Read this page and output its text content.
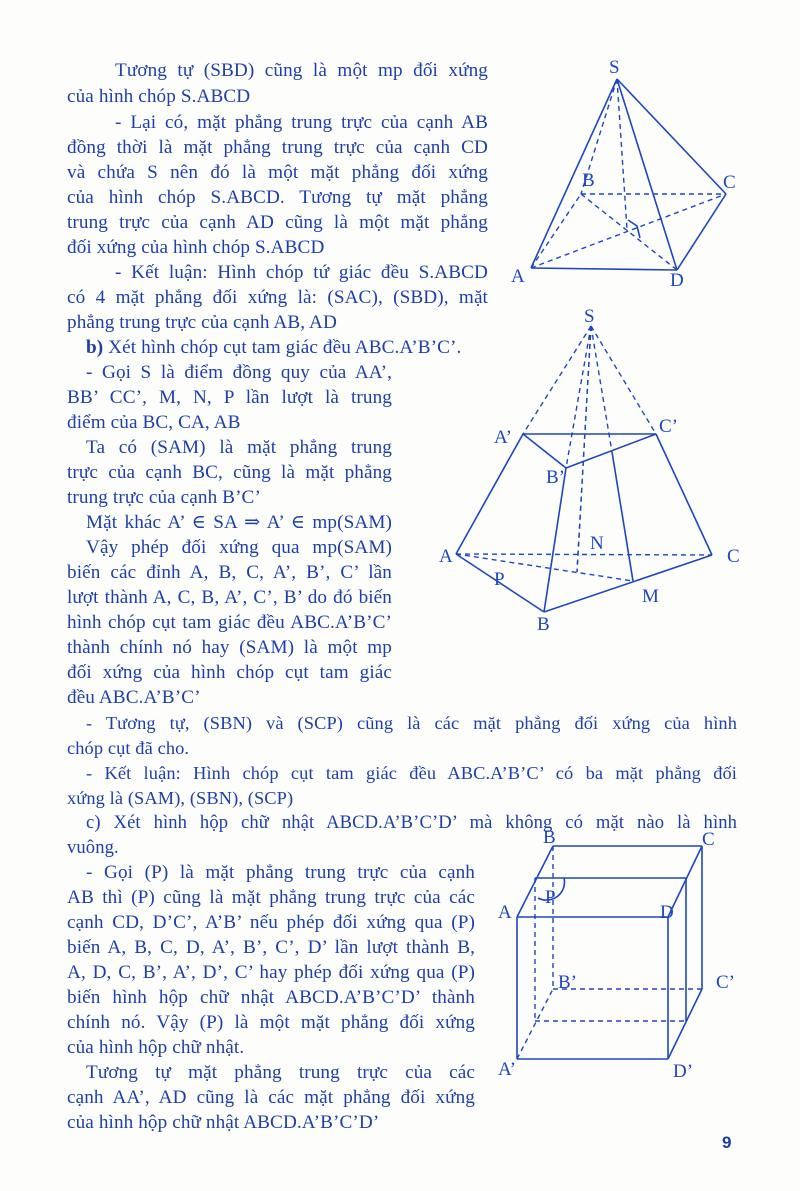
Tương tự (SBD) cũng là một mp đối xứng
của hình chóp S.ABCD
- Lại có, mặt phẳng trung trực của cạnh AB
đồng thời là mặt phẳng trung trực của cạnh CD
và chứa S nên đó là một mặt phẳng đối xứng
của hình chóp S.ABCD. Tương tự mặt phẳng
trung trực của cạnh AD cũng là một mặt phẳng
đối xứng của hình chóp S.ABCD
- Kết luận: Hình chóp tứ giác đều S.ABCD
có 4 mặt phẳng đối xứng là: (SAC), (SBD), mặt
phẳng trung trực của cạnh AB, AD
b) Xét hình chóp cụt tam giác đều ABC.A’B’C’.
- Gọi S là điểm đồng quy của AA’,
BB’ CC’, M, N, P lần lượt là trung
điểm của BC, CA, AB
Ta có (SAM) là mặt phẳng trung
trực của cạnh BC, cũng là mặt phẳng
trung trực của cạnh B’C’
Mặt khác A’ ∈ SA ⇒ A’ ∈ mp(SAM)
Vậy phép đối xứng qua mp(SAM)
biến các đỉnh A, B, C, A’, B’, C’ lần
lượt thành A, C, B, A’, C’, B’ do đó biến
hình chóp cụt tam giác đều ABC.A’B’C’
thành chính nó hay (SAM) là một mp
đối xứng của hình chóp cụt tam giác
đều ABC.A’B’C’
- Tương tự, (SBN) và (SCP) cũng là các mặt phẳng đối xứng của hình
chóp cụt đã cho.
- Kết luận: Hình chóp cụt tam giác đều ABC.A’B’C’ có ba mặt phẳng đối
xứng là (SAM), (SBN), (SCP)
c) Xét hình hộp chữ nhật ABCD.A’B’C’D’ mà không có mặt nào là hình
vuông.
- Gọi (P) là mặt phẳng trung trực của cạnh
AB thì (P) cũng là mặt phẳng trung trực của các
cạnh CD, D’C’, A’B’ nếu phép đối xứng qua (P)
biến A, B, C, D, A’, B’, C’, D’ lần lượt thành B,
A, D, C, B’, A’, D’, C’ hay phép đối xứng qua (P)
biến hình hộp chữ nhật ABCD.A’B’C’D’ thành
chính nó. Vậy (P) là một mặt phẳng đối xứng
của hình hộp chữ nhật.
Tương tự mặt phẳng trung trực của các
cạnh AA’, AD cũng là các mặt phẳng đối xứng
của hình hộp chữ nhật ABCD.A’B’C’D’
S
A
B	C
D
S
A’
B’
C’
A
B
C
M
N
P
B	C
A	D
P
B’	C’
A’	D’
9
